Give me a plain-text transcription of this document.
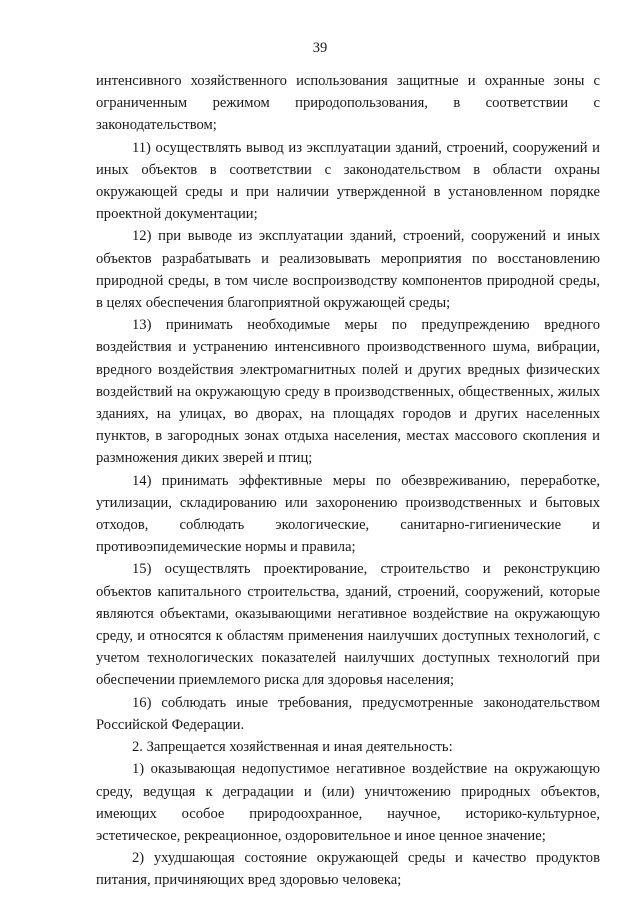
39

интенсивного хозяйственного использования защитные и охранные зоны с ограниченным режимом природопользования, в соответствии с законодательством;

11) осуществлять вывод из эксплуатации зданий, строений, сооружений и иных объектов в соответствии с законодательством в области охраны окружающей среды и при наличии утвержденной в установленном порядке проектной документации;

12) при выводе из эксплуатации зданий, строений, сооружений и иных объектов разрабатывать и реализовывать мероприятия по восстановлению природной среды, в том числе воспроизводству компонентов природной среды, в целях обеспечения благоприятной окружающей среды;

13) принимать необходимые меры по предупреждению вредного воздействия и устранению интенсивного производственного шума, вибрации, вредного воздействия электромагнитных полей и других вредных физических воздействий на окружающую среду в производственных, общественных, жилых зданиях, на улицах, во дворах, на площадях городов и других населенных пунктов, в загородных зонах отдыха населения, местах массового скопления и размножения диких зверей и птиц;

14) принимать эффективные меры по обезвреживанию, переработке, утилизации, складированию или захоронению производственных и бытовых отходов, соблюдать экологические, санитарно-гигиенические и противоэпидемические нормы и правила;

15) осуществлять проектирование, строительство и реконструкцию объектов капитального строительства, зданий, строений, сооружений, которые являются объектами, оказывающими негативное воздействие на окружающую среду, и относятся к областям применения наилучших доступных технологий, с учетом технологических показателей наилучших доступных технологий при обеспечении приемлемого риска для здоровья населения;

16) соблюдать иные требования, предусмотренные законодательством Российской Федерации.

2. Запрещается хозяйственная и иная деятельность:

1) оказывающая недопустимое негативное воздействие на окружающую среду, ведущая к деградации и (или) уничтожению природных объектов, имеющих особое природоохранное, научное, историко-культурное, эстетическое, рекреационное, оздоровительное и иное ценное значение;

2) ухудшающая состояние окружающей среды и качество продуктов питания, причиняющих вред здоровью человека;
